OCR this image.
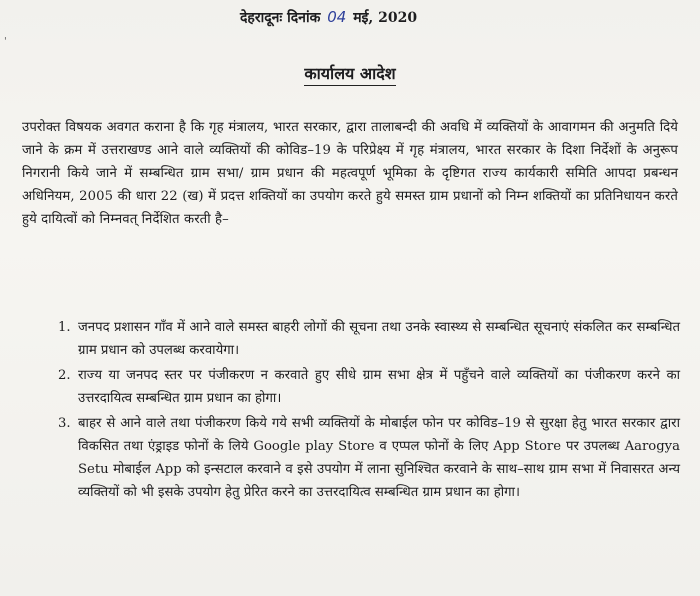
'
देहरादूनः दिनांक 04 मई, 2020
कार्यालय आदेश
उपरोक्त विषयक अवगत कराना है कि गृह मंत्रालय, भारत सरकार, द्वारा तालाबन्दी की अवधि में व्यक्तियों के आवागमन की अनुमति दिये जाने के क्रम में उत्तराखण्ड आने वाले व्यक्तियों की कोविड–19 के परिप्रेक्ष्य में गृह मंत्रालय, भारत सरकार के दिशा निर्देशों के अनुरूप निगरानी किये जाने में सम्बन्धित ग्राम सभा/ ग्राम प्रधान की महत्वपूर्ण भूमिका के दृष्टिगत राज्य कार्यकारी समिति आपदा प्रबन्धन अधिनियम, 2005 की धारा 22 (ख) में प्रदत्त शक्तियों का उपयोग करते हुये समस्त ग्राम प्रधानों को निम्न शक्तियों का प्रतिनिधायन करते हुये दायित्वों को निम्नवत् निर्देशित करती है–
1. जनपद प्रशासन गाँव में आने वाले समस्त बाहरी लोगों की सूचना तथा उनके स्वास्थ्य से सम्बन्धित सूचनाएं संकलित कर सम्बन्धित ग्राम प्रधान को उपलब्ध करवायेगा।
2. राज्य या जनपद स्तर पर पंजीकरण न करवाते हुए सीधे ग्राम सभा क्षेत्र में पहुँचने वाले व्यक्तियों का पंजीकरण करने का उत्तरदायित्व सम्बन्धित ग्राम प्रधान का होगा।
3. बाहर से आने वाले तथा पंजीकरण किये गये सभी व्यक्तियों के मोबाईल फोन पर कोविड–19 से सुरक्षा हेतु भारत सरकार द्वारा विकसित तथा एंड्राइड फोनों के लिये Google play Store व एप्पल फोनों के लिए App Store पर उपलब्ध Aarogya Setu मोबाईल App को इन्सटाल करवाने व इसे उपयोग में लाना सुनिश्चित करवाने के साथ–साथ ग्राम सभा में निवासरत अन्य व्यक्तियों को भी इसके उपयोग हेतु प्रेरित करने का उत्तरदायित्व सम्बन्धित ग्राम प्रधान का होगा।
